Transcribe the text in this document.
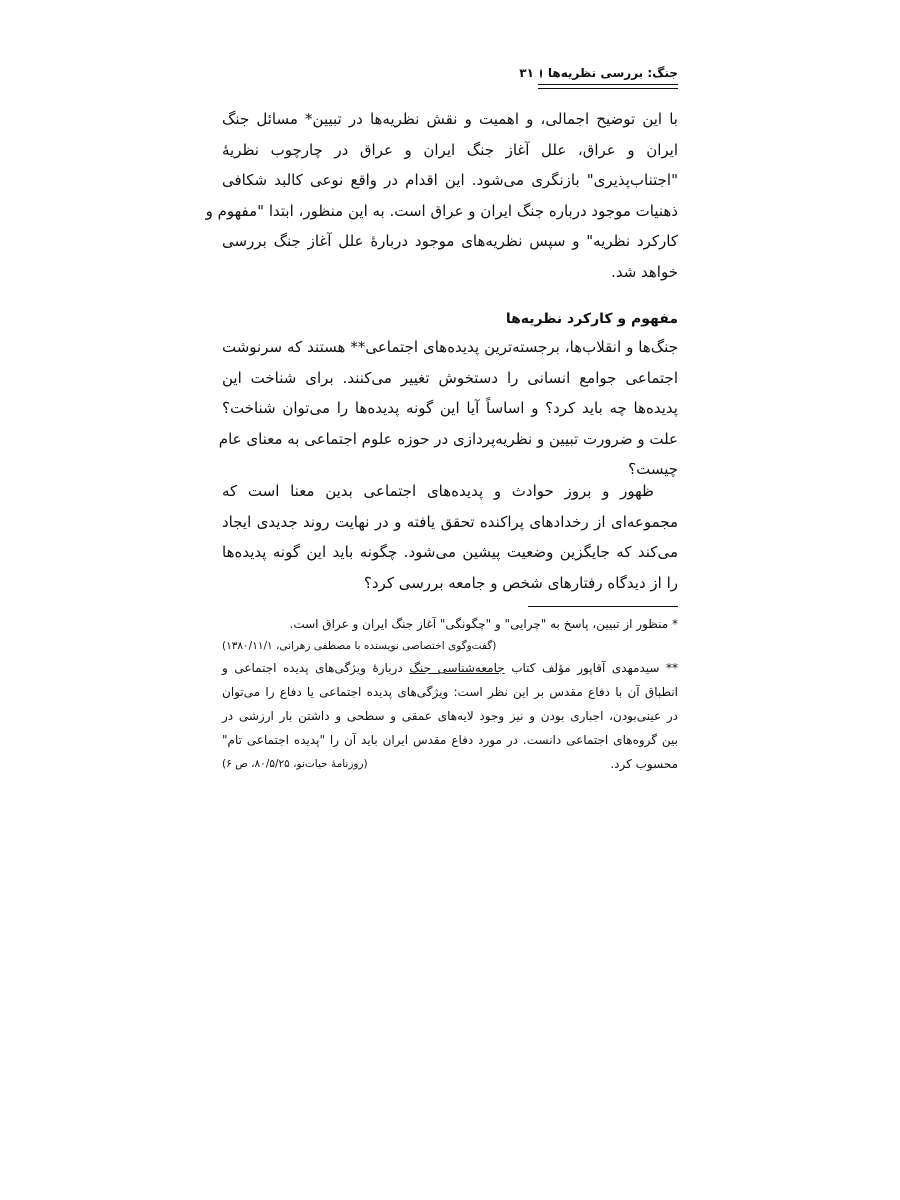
جنگ: بررسی نظریه‌ها
۳۱

با این توضیح اجمالی، و اهمیت و نقش نظریه‌ها در تبیین* مسائل جنگ
ایران و عراق، علل آغاز جنگ ایران و عراق در چارچوب نظریهٔ
"اجتناب‌پذیری" بازنگری می‌شود. این اقدام در واقع نوعی کالبد شکافی
ذهنیات موجود درباره جنگ ایران و عراق است. به این منظور، ابتدا "مفهوم و
کارکرد نظریه" و سپس نظریه‌های موجود دربارهٔ علل آغاز جنگ بررسی
خواهد شد.

مفهوم و کارکرد نظریه‌ها

جنگ‌ها و انقلاب‌ها، برجسته‌ترین پدیده‌های اجتماعی** هستند که سرنوشت
اجتماعی جوامع انسانی را دستخوش تغییر می‌کنند. برای شناخت این
پدیده‌ها چه باید کرد؟ و اساساً آیا این گونه پدیده‌ها را می‌توان شناخت؟
علت و ضرورت تبیین و نظریه‌پردازی در حوزه علوم اجتماعی به معنای عام
چیست؟

ظهور و بروز حوادث و پدیده‌های اجتماعی بدین معنا است که
مجموعه‌ای از رخدادهای پراکنده تحقق یافته و در نهایت روند جدیدی ایجاد
می‌کند که جایگزین وضعیت پیشین می‌شود. چگونه باید این گونه پدیده‌ها
را از دیدگاه رفتارهای شخص و جامعه بررسی کرد؟

* منظور از تبیین، پاسخ به "چرایی" و "چگونگی" آغاز جنگ ایران و عراق است.
(گفت‌وگوی اختصاصی نویسنده با مصطفی زهرانی، ۱۳۸۰/۱۱/۱)
** سیدمهدی آقاپور مؤلف کتاب جامعه‌شناسی جنگ دربارهٔ ویژگی‌های پدیده اجتماعی و
انطباق آن با دفاع مقدس بر این نظر است: ویژگی‌های پدیده اجتماعی یا دفاع را می‌توان
در عینی‌بودن، اجباری بودن و نیز وجود لایه‌های عمقی و سطحی و داشتن بار ارزشی در
بین گروه‌های اجتماعی دانست. در مورد دفاع مقدس ایران باید آن را "پدیده اجتماعی تام"
محسوب کرد.
(روزنامهٔ حیات‌نو، ۸۰/۵/۲۵، ص ۶)
